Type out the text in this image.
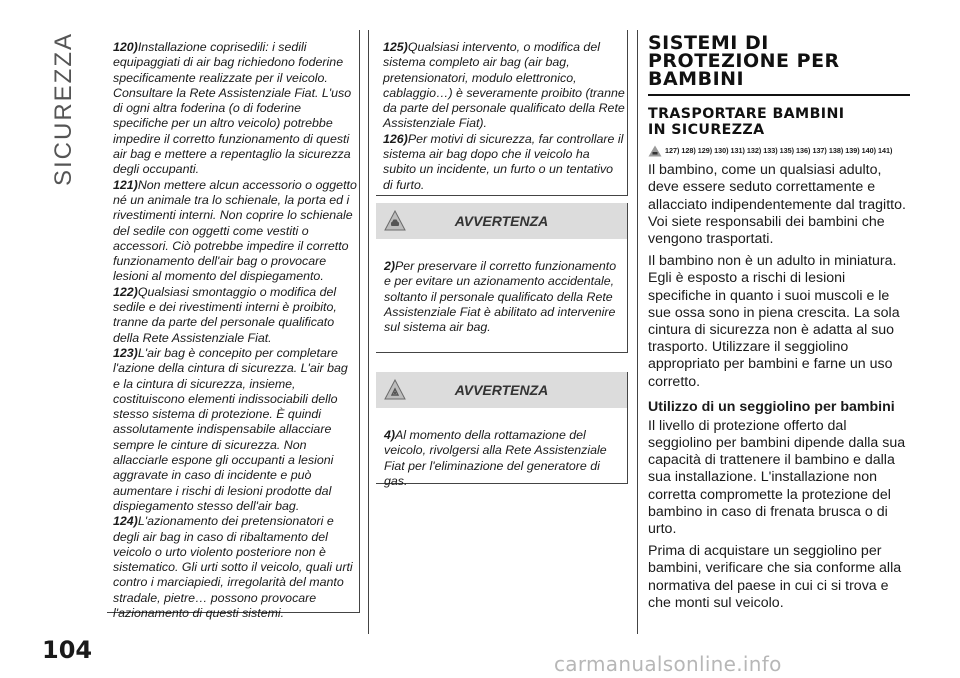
SICUREZZA
104

120)Installazione coprisedili: i sedili equipaggiati di air bag richiedono foderine specificamente realizzate per il veicolo. Consultare la Rete Assistenziale Fiat. L'uso di ogni altra foderina (o di foderine specifiche per un altro veicolo) potrebbe impedire il corretto funzionamento di questi air bag e mettere a repentaglio la sicurezza degli occupanti.

121)Non mettere alcun accessorio o oggetto né un animale tra lo schienale, la porta ed i rivestimenti interni. Non coprire lo schienale del sedile con oggetti come vestiti o accessori. Ciò potrebbe impedire il corretto funzionamento dell'air bag o provocare lesioni al momento del dispiegamento.

122)Qualsiasi smontaggio o modifica del sedile e dei rivestimenti interni è proibito, tranne da parte del personale qualificato della Rete Assistenziale Fiat.

123)L'air bag è concepito per completare l'azione della cintura di sicurezza. L'air bag e la cintura di sicurezza, insieme, costituiscono elementi indissociabili dello stesso sistema di protezione. È quindi assolutamente indispensabile allacciare sempre le cinture di sicurezza. Non allacciarle espone gli occupanti a lesioni aggravate in caso di incidente e può aumentare i rischi di lesioni prodotte dal dispiegamento stesso dell'air bag.

124)L'azionamento dei pretensionatori e degli air bag in caso di ribaltamento del veicolo o urto violento posteriore non è sistematico. Gli urti sotto il veicolo, quali urti contro i marciapiedi, irregolarità del manto stradale, pietre… possono provocare l'azionamento di questi sistemi.

125)Qualsiasi intervento, o modifica del sistema completo air bag (air bag, pretensionatori, modulo elettronico, cablaggio…) è severamente proibito (tranne da parte del personale qualificato della Rete Assistenziale Fiat).

126)Per motivi di sicurezza, far controllare il sistema air bag dopo che il veicolo ha subito un incidente, un furto o un tentativo di furto.

AVVERTENZA

2)Per preservare il corretto funzionamento e per evitare un azionamento accidentale, soltanto il personale qualificato della Rete Assistenziale Fiat è abilitato ad intervenire sul sistema air bag.

AVVERTENZA

4)Al momento della rottamazione del veicolo, rivolgersi alla Rete Assistenziale Fiat per l'eliminazione del generatore di gas.

SISTEMI DI
PROTEZIONE PER
BAMBINI
TRASPORTARE BAMBINI
IN SICUREZZA
127) 128) 129) 130) 131) 132) 133) 135) 136) 137) 138) 139) 140) 141)

Il bambino, come un qualsiasi adulto, deve essere seduto correttamente e allacciato indipendentemente dal tragitto. Voi siete responsabili dei bambini che vengono trasportati.

Il bambino non è un adulto in miniatura. Egli è esposto a rischi di lesioni specifiche in quanto i suoi muscoli e le sue ossa sono in piena crescita. La sola cintura di sicurezza non è adatta al suo trasporto. Utilizzare il seggiolino appropriato per bambini e farne un uso corretto.

Utilizzo di un seggiolino per bambini

Il livello di protezione offerto dal seggiolino per bambini dipende dalla sua capacità di trattenere il bambino e dalla sua installazione. L'installazione non corretta compromette la protezione del bambino in caso di frenata brusca o di urto.

Prima di acquistare un seggiolino per bambini, verificare che sia conforme alla normativa del paese in cui ci si trova e che monti sul veicolo.

carmanualsonline.info
